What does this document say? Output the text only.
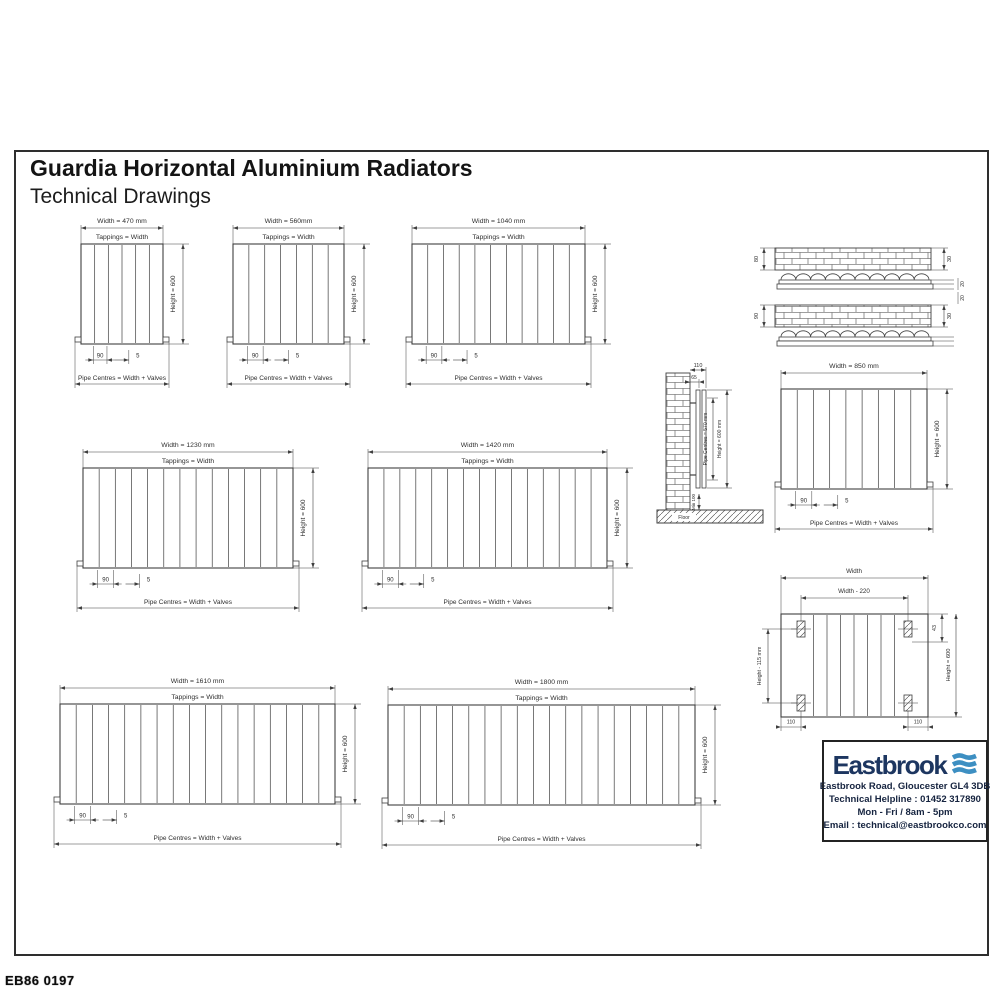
Guardia Horizontal Aluminium Radiators
Technical Drawings
Width = 470 mm
Tappings = Width
Height = 600
90	5
Pipe Centres = Width + Valves
Width = 560mm
Tappings = Width
Height = 600
90	5
Pipe Centres = Width + Valves
Width = 1040 mm
Tappings = Width
Height = 600
90	5
Pipe Centres = Width + Valves
Width = 1230 mm
Tappings = Width
Height = 600
90	5
Pipe Centres = Width + Valves
Width = 1420 mm
Tappings = Width
Height = 600
90	5
Pipe Centres = Width + Valves
Width = 850 mm
Height = 600
90	5
Pipe Centres = Width + Valves
Width = 1610 mm
Tappings = Width
Height = 600
90	5
Pipe Centres = Width + Valves
Width = 1800 mm
Tappings = Width
Height = 600
90	5
Pipe Centres = Width + Valves
110
65
Pipe Centres = 570 mm Height = 600 mm
Min 100
Floor
80	30
90	30
20
20
Width
Width - 220
Height - 115 mm
110	110
43
Height = 600
Eastbrook
Eastbrook Road, Gloucester GL4 3DB
Technical Helpline : 01452 317890
Mon - Fri / 8am - 5pm
Email : technical@eastbrookco.com
EB86 0197
